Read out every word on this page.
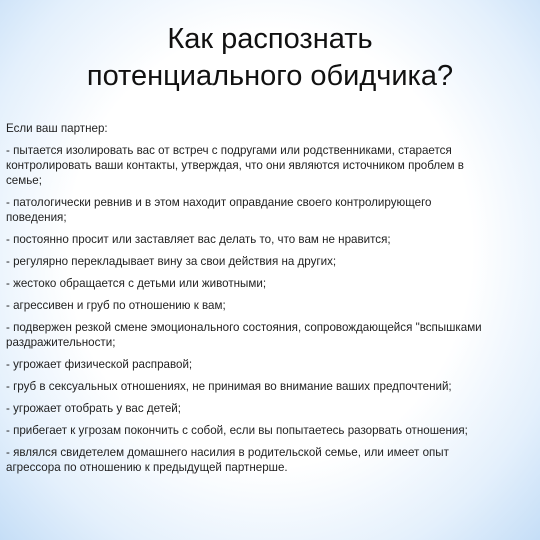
Как распознать
потенциального обидчика?
Если ваш партнер:
- пытается изолировать вас от встреч с подругами или родственниками, старается
контролировать ваши контакты, утверждая, что они являются источником проблем в
семье;
- патологически ревнив и в этом находит оправдание своего контролирующего
поведения;
- постоянно просит или заставляет вас делать то, что вам не нравится;
- регулярно перекладывает вину за свои действия на других;
- жестоко обращается с детьми или животными;
- агрессивен и груб по отношению к вам;
- подвержен резкой смене эмоционального состояния, сопровождающейся "вспышками
раздражительности;
- угрожает физической расправой;
- груб в сексуальных отношениях, не принимая во внимание ваших предпочтений;
- угрожает отобрать у вас детей;
- прибегает к угрозам покончить с собой, если вы попытаетесь разорвать отношения;
- являлся свидетелем домашнего насилия в родительской семье, или имеет опыт
агрессора по отношению к предыдущей партнерше.
